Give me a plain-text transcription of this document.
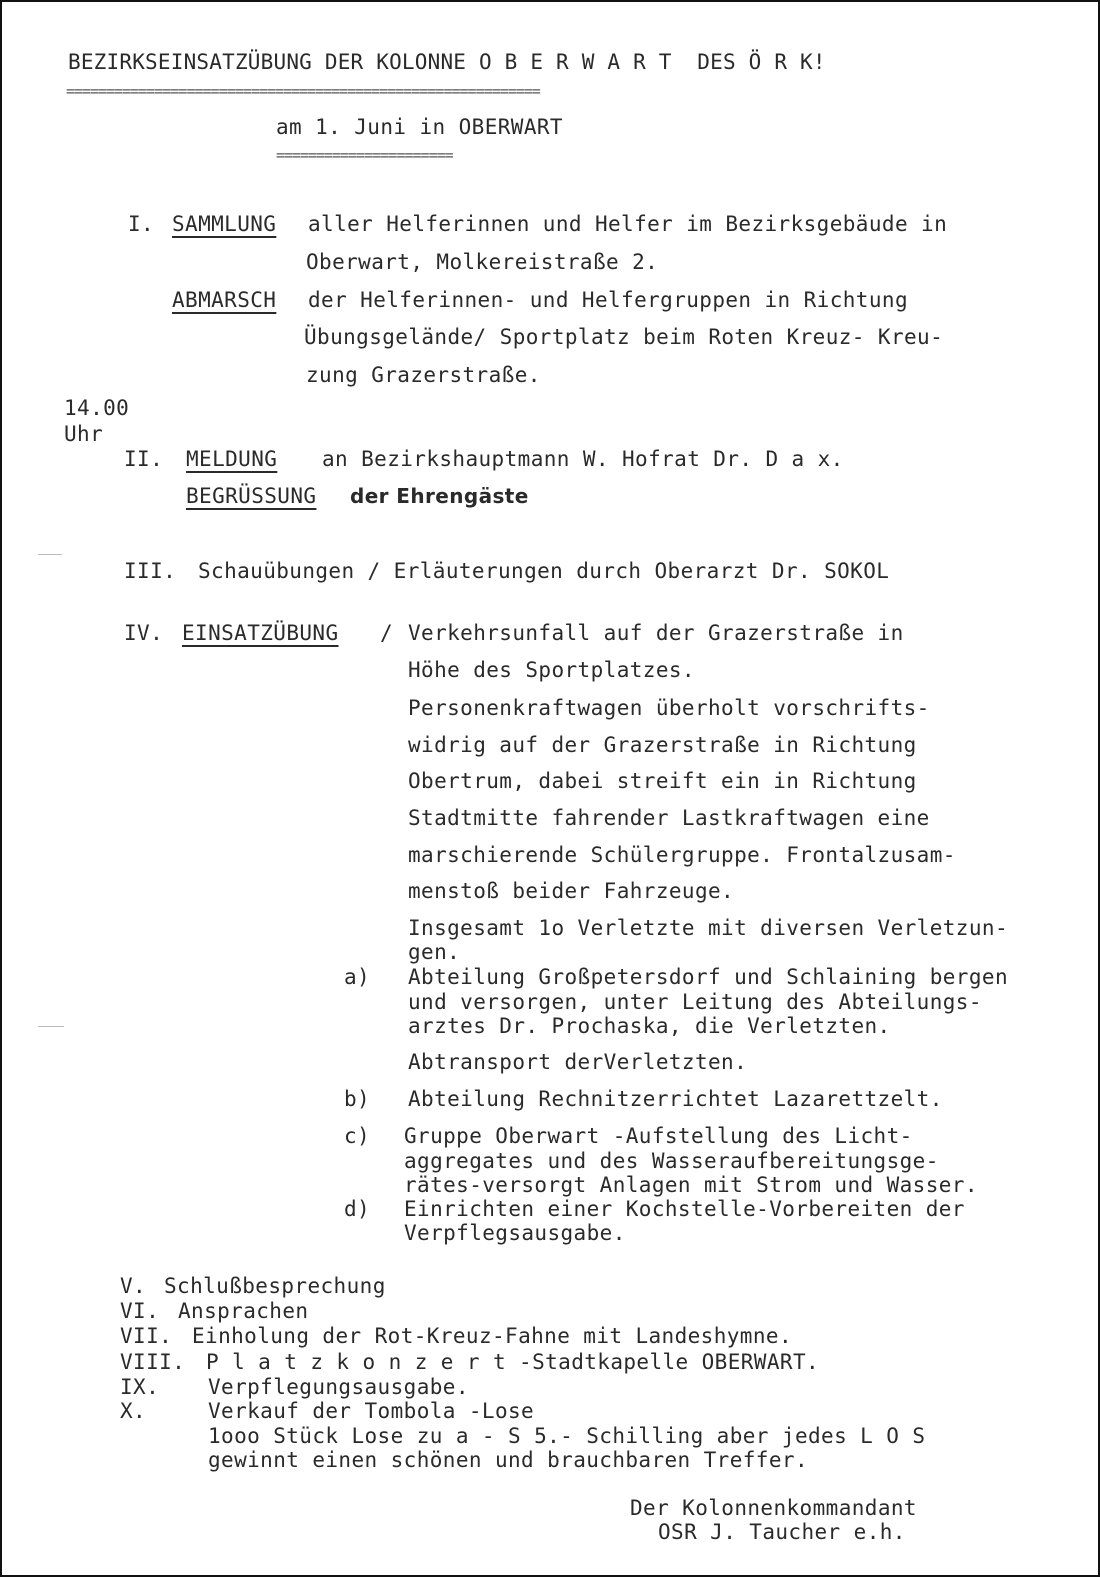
BEZIRKSEINSATZÜBUNG DER KOLONNE O B E R W A R T  DES Ö R K!
===========================================================
am 1. Juni in OBERWART
======================
I. SAMMLUNG aller Helferinnen und Helfer im Bezirksgebäude in
Oberwart, Molkereistraße 2.
ABMARSCH der Helferinnen- und Helfergruppen in Richtung
Übungsgelände/ Sportplatz beim Roten Kreuz- Kreu-
zung Grazerstraße.
14.00
Uhr
II. MELDUNG an Bezirkshauptmann W. Hofrat Dr. D a x.
BEGRÜSSUNG der Ehrengäste
III. Schauübungen / Erläuterungen durch Oberarzt Dr. SOKOL
IV. EINSATZÜBUNG / Verkehrsunfall auf der Grazerstraße in
Höhe des Sportplatzes.
Personenkraftwagen überholt vorschrifts-
widrig auf der Grazerstraße in Richtung
Obertrum, dabei streift ein in Richtung
Stadtmitte fahrender Lastkraftwagen eine
marschierende Schülergruppe. Frontalzusam-
menstoß beider Fahrzeuge.
Insgesamt 1o Verletzte mit diversen Verletzun-
gen.
a) Abteilung Großpetersdorf und Schlaining bergen
und versorgen, unter Leitung des Abteilungs-
arztes Dr. Prochaska, die Verletzten.
Abtransport derVerletzten.
b) Abteilung Rechnitzerrichtet Lazarettzelt.
c) Gruppe Oberwart -Aufstellung des Licht-
aggregates und des Wasseraufbereitungsge-
rätes-versorgt Anlagen mit Strom und Wasser.
d) Einrichten einer Kochstelle-Vorbereiten der
Verpflegsausgabe.
V. Schlußbesprechung
VI. Ansprachen
VII. Einholung der Rot-Kreuz-Fahne mit Landeshymne.
VIII. P l a t z k o n z e r t -Stadtkapelle OBERWART.
IX. Verpflegungsausgabe.
X.	Verkauf der Tombola -Lose
1ooo Stück Lose zu a - S 5.- Schilling aber jedes L O S
gewinnt einen schönen und brauchbaren Treffer.
Der Kolonnenkommandant
OSR J. Taucher e.h.
